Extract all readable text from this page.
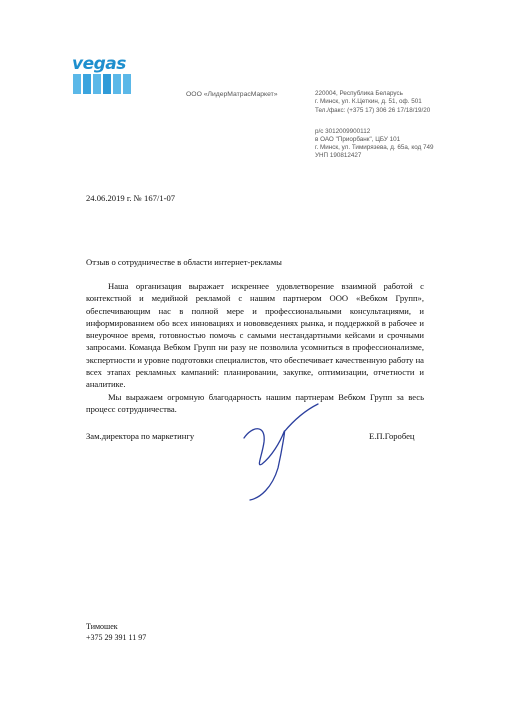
vegas
ООО «ЛидерМатрасМаркет»	220004, Республика Беларусь
г. Минск, ул. К.Цеткин, д. 51, оф. 501
Тел./факс: (+375 17) 306 26 17/18/19/20
р/с 3012009900112
в ОАО "Приорбанк", ЦБУ 101
г. Минск, ул. Тимирязева, д. 65а, код 749
УНП 190812427
24.06.2019 г. № 167/1-07
Отзыв о сотрудничестве в области интернет-рекламы

Наша организация выражает искреннее удовлетворение взаимной работой с контекстной и медийной рекламой с нашим партнером ООО «Вебком Групп», обеспечивающим нас в полной мере и профессиональными консультациями, и информированием обо всех инновациях и нововведениях рынка, и поддержкой в рабочее и внеурочное время, готовностью помочь с самыми нестандартными кейсами и срочными запросами. Команда Вебком Групп ни разу не позволила усомниться в профессионализме, экспертности и уровне подготовки специалистов, что обеспечивает качественную работу на всех этапах рекламных кампаний: планировании, закупке, оптимизации, отчетности и аналитике.

Мы выражаем огромную благодарность нашим партнерам Вебком Групп за весь процесс сотрудничества.

Зам.директора по маркетингу	Е.П.Горобец
Тимошек
+375 29 391 11 97
